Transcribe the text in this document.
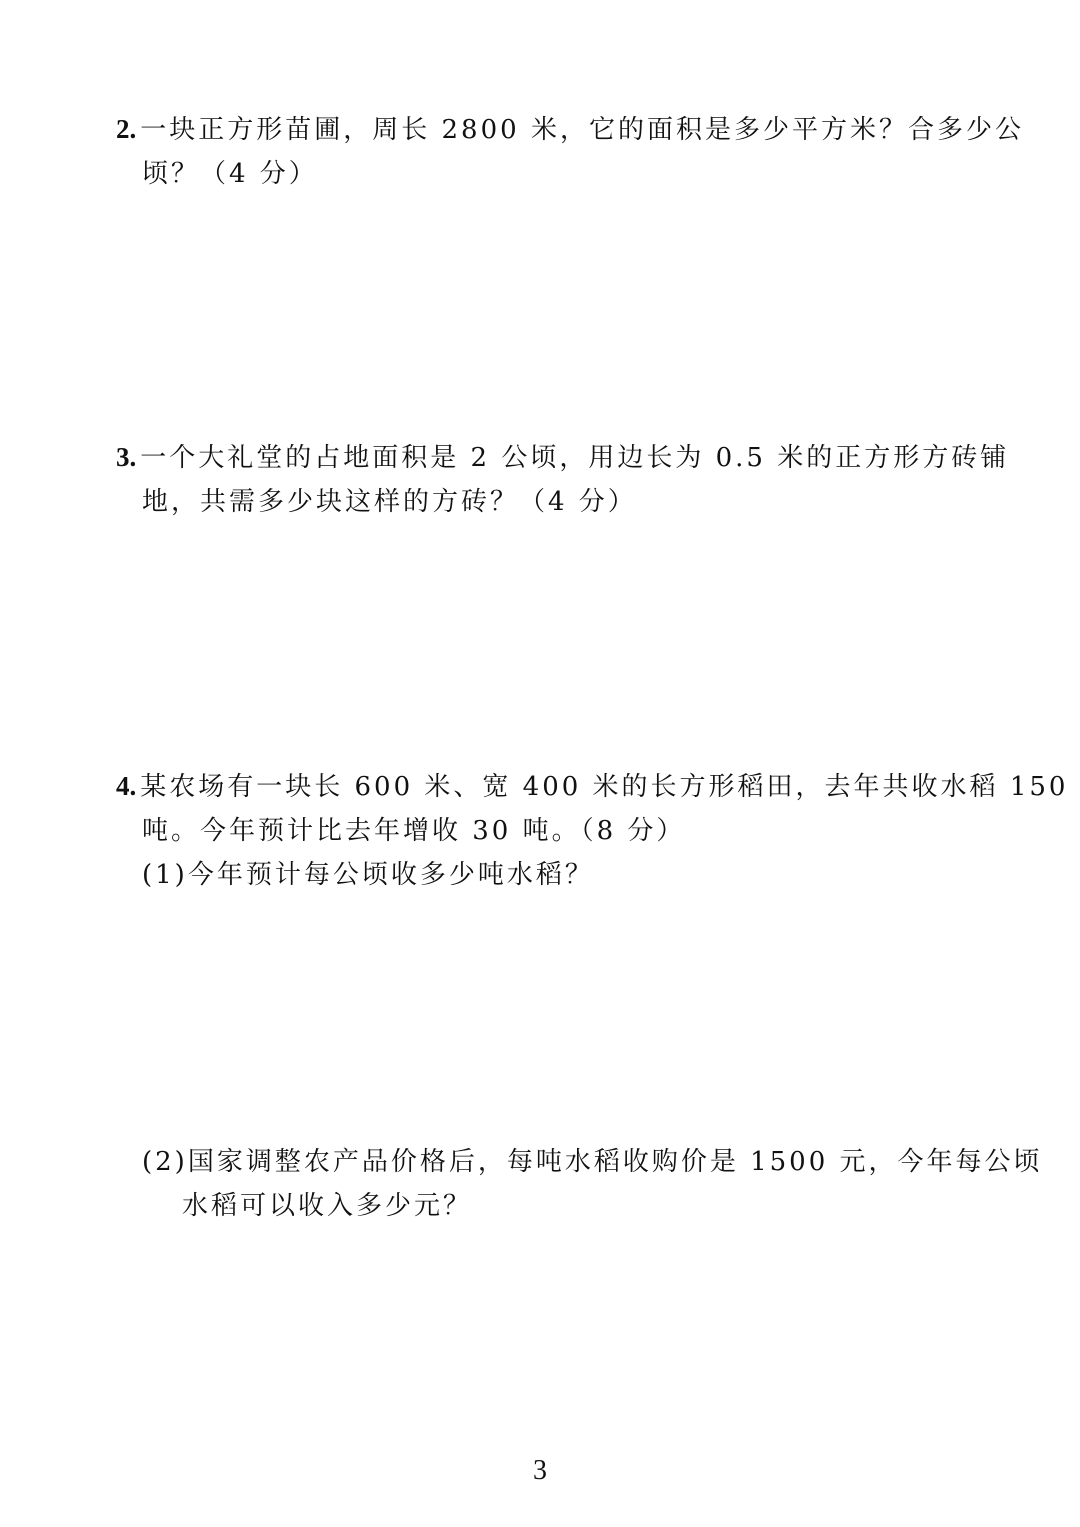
2. 一块正方形苗圃，周长 2800 米，它的面积是多少平方米？合多少公
顷？（4 分）
3. 一个大礼堂的占地面积是 2 公顷，用边长为 0.5 米的正方形方砖铺
地，共需多少块这样的方砖？（4 分）
4. 某农场有一块长 600 米、宽 400 米的长方形稻田，去年共收水稻 150
吨。今年预计比去年增收 30 吨。（8 分）
(1)今年预计每公顷收多少吨水稻？
(2)国家调整农产品价格后，每吨水稻收购价是 1500 元，今年每公顷
水稻可以收入多少元？
3
